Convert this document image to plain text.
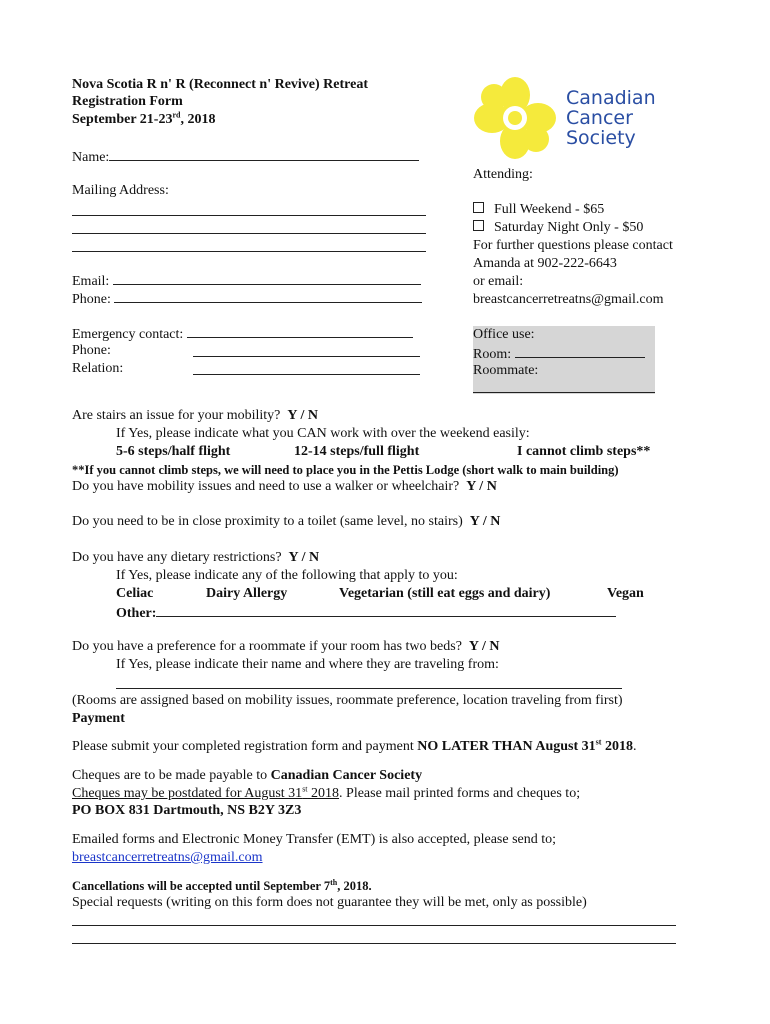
Nova Scotia R n' R (Reconnect n' Revive) Retreat
Registration Form
September 21-23rd, 2018
Canadian
Cancer
Society
Name:
Mailing Address:
Email:
Phone:
Emergency contact:
Phone:
Relation:
Attending:
Full Weekend - $65
Saturday Night Only - $50
For further questions please contact
Amanda at 902-222-6643
or email:
breastcancerretreatns@gmail.com
Office use:
Room:
Roommate:
Are stairs an issue for your mobility? Y / N
If Yes, please indicate what you CAN work with over the weekend easily:
5-6 steps/half flight	12-14 steps/full flight	I cannot climb steps**
**If you cannot climb steps, we will need to place you in the Pettis Lodge (short walk to main building)
Do you have mobility issues and need to use a walker or wheelchair? Y / N
Do you need to be in close proximity to a toilet (same level, no stairs) Y / N
Do you have any dietary restrictions? Y / N
If Yes, please indicate any of the following that apply to you:
Celiac	Dairy Allergy	Vegetarian (still eat eggs and dairy)	Vegan
Other:
Do you have a preference for a roommate if your room has two beds? Y / N
If Yes, please indicate their name and where they are traveling from:
(Rooms are assigned based on mobility issues, roommate preference, location traveling from first)
Payment
Please submit your completed registration form and payment NO LATER THAN August 31st 2018.
Cheques are to be made payable to Canadian Cancer Society
Cheques may be postdated for August 31st 2018. Please mail printed forms and cheques to;
PO BOX 831 Dartmouth, NS B2Y 3Z3
Emailed forms and Electronic Money Transfer (EMT) is also accepted, please send to;
breastcancerretreatns@gmail.com
Cancellations will be accepted until September 7th, 2018.
Special requests (writing on this form does not guarantee they will be met, only as possible)
